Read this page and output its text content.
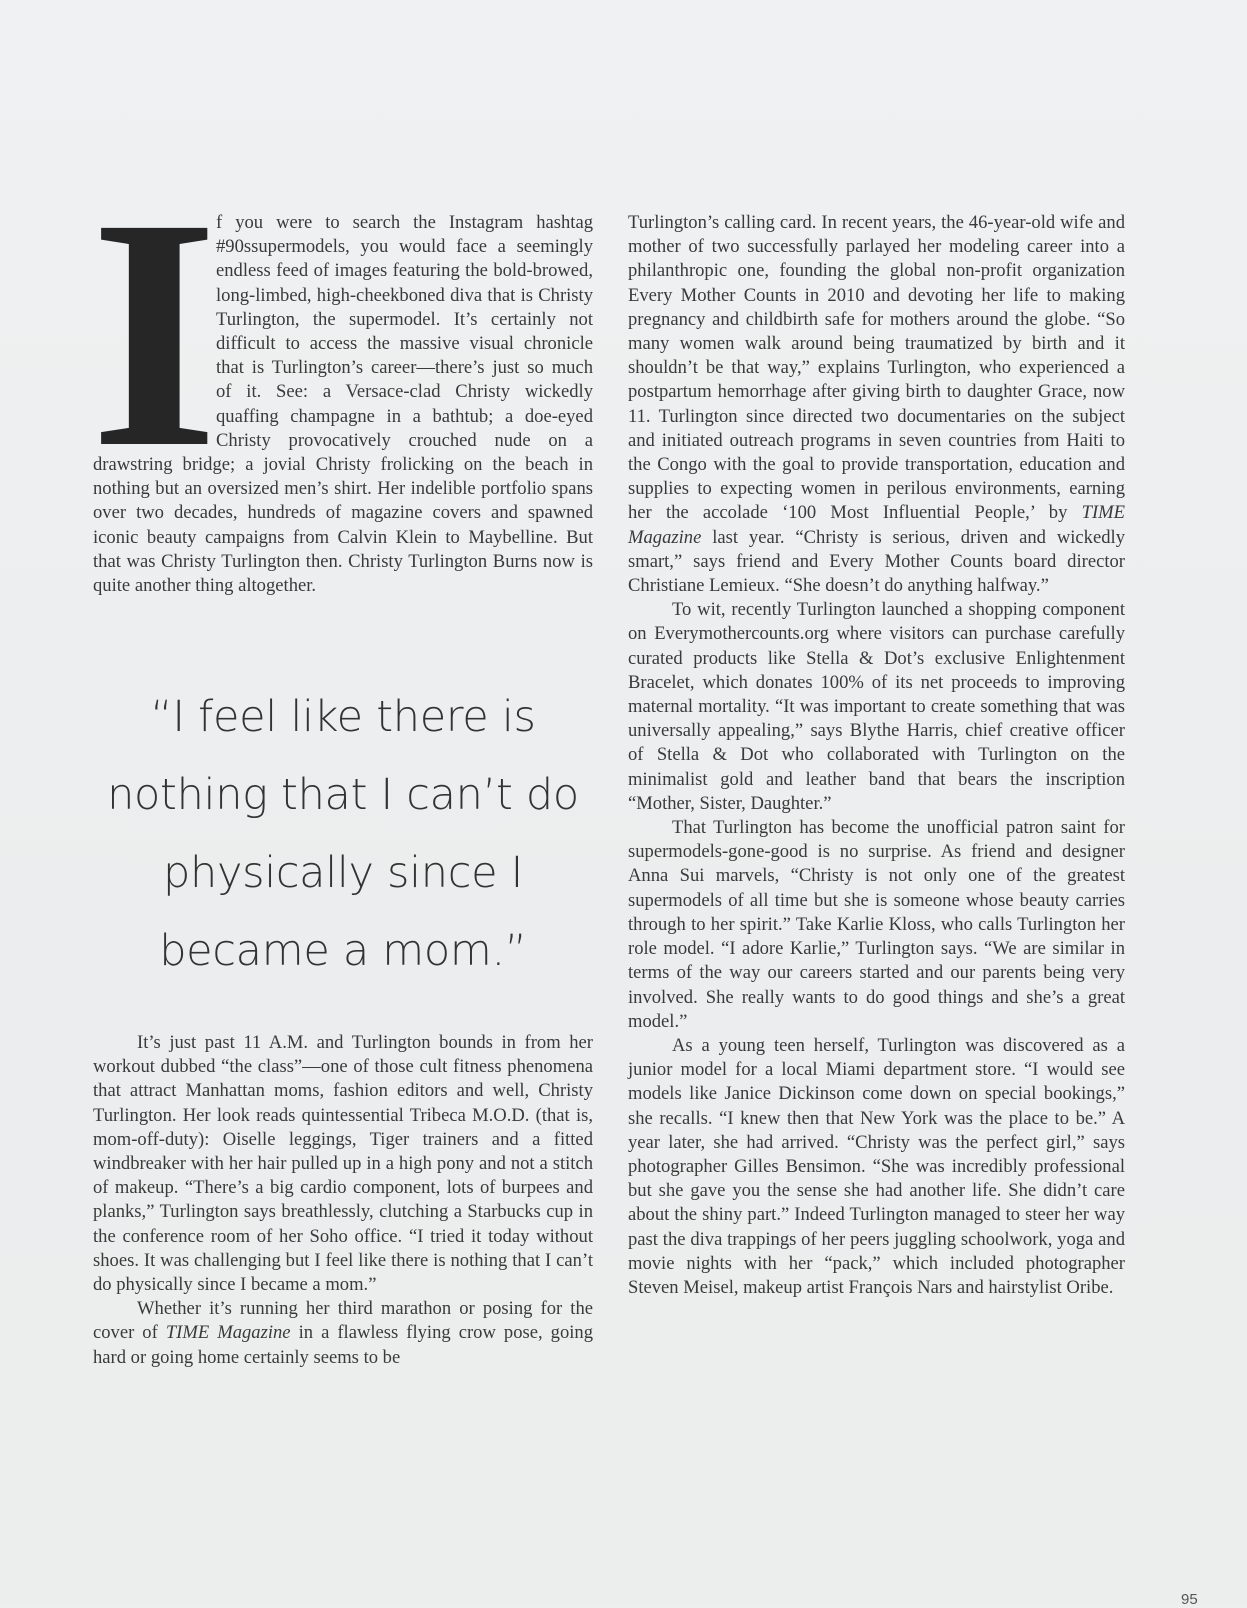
I
f you were to search the Instagram hashtag #90ssupermodels, you would face a seemingly endless feed of images featuring the bold-browed, long-limbed, high-cheekboned diva that is Christy Turlington, the supermodel. It’s certainly not difficult to access the massive visual chronicle that is Turlington’s career—there’s just so much of it. See: a Versace-clad Christy wickedly quaffing champagne in a bathtub; a doe-eyed Christy provocatively crouched nude on a drawstring bridge; a jovial Christy frolicking on the beach in nothing but an oversized men’s shirt. Her indelible portfolio spans over two decades, hundreds of magazine covers and spawned iconic beauty campaigns from Calvin Klein to Maybelline. But that was Christy Turlington then. Christy Turlington Burns now is quite another thing altogether.

“I feel like there is nothing that I can’t do physically since I became a mom.”

It’s just past 11 A.M. and Turlington bounds in from her workout dubbed “the class”—one of those cult fitness phenomena that attract Manhattan moms, fashion editors and well, Christy Turlington. Her look reads quintessential Tribeca M.O.D. (that is, mom-off-duty): Oiselle leggings, Tiger trainers and a fitted windbreaker with her hair pulled up in a high pony and not a stitch of makeup. “There’s a big cardio component, lots of burpees and planks,” Turlington says breathlessly, clutching a Starbucks cup in the conference room of her Soho office. “I tried it today without shoes. It was challenging but I feel like there is nothing that I can’t do physically since I became a mom.”

Whether it’s running her third marathon or posing for the cover of TIME Magazine in a flawless flying crow pose, going hard or going home certainly seems to be

Turlington’s calling card. In recent years, the 46-year-old wife and mother of two successfully parlayed her modeling career into a philanthropic one, founding the global non-profit organization Every Mother Counts in 2010 and devoting her life to making pregnancy and childbirth safe for mothers around the globe. “So many women walk around being traumatized by birth and it shouldn’t be that way,” explains Turlington, who experienced a postpartum hemorrhage after giving birth to daughter Grace, now 11. Turlington since directed two documentaries on the subject and initiated outreach programs in seven countries from Haiti to the Congo with the goal to provide transportation, education and supplies to expecting women in perilous environments, earning her the accolade ‘100 Most Influential People,’ by TIME Magazine last year. “Christy is serious, driven and wickedly smart,” says friend and Every Mother Counts board director Christiane Lemieux. “She doesn’t do anything halfway.”

To wit, recently Turlington launched a shopping component on Everymothercounts.org where visitors can purchase carefully curated products like Stella & Dot’s exclusive Enlightenment Bracelet, which donates 100% of its net proceeds to improving maternal mortality. “It was important to create something that was universally appealing,” says Blythe Harris, chief creative officer of Stella & Dot who collaborated with Turlington on the minimalist gold and leather band that bears the inscription “Mother, Sister, Daughter.”

That Turlington has become the unofficial patron saint for supermodels-gone-good is no surprise. As friend and designer Anna Sui marvels, “Christy is not only one of the greatest supermodels of all time but she is someone whose beauty carries through to her spirit.” Take Karlie Kloss, who calls Turlington her role model. “I adore Karlie,” Turlington says. “We are similar in terms of the way our careers started and our parents being very involved. She really wants to do good things and she’s a great model.”

As a young teen herself, Turlington was discovered as a junior model for a local Miami department store. “I would see models like Janice Dickinson come down on special bookings,” she recalls. “I knew then that New York was the place to be.” A year later, she had arrived. “Christy was the perfect girl,” says photographer Gilles Bensimon. “She was incredibly professional but she gave you the sense she had another life. She didn’t care about the shiny part.” Indeed Turlington managed to steer her way past the diva trappings of her peers juggling schoolwork, yoga and movie nights with her “pack,” which included photographer Steven Meisel, makeup artist François Nars and hairstylist Oribe.

95
